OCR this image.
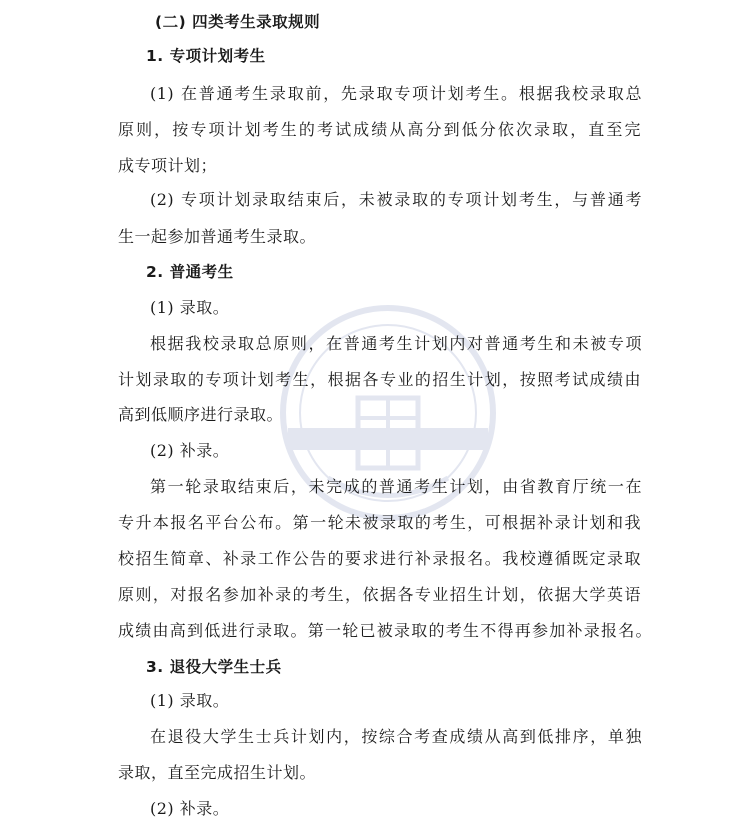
(二) 四类考生录取规则
1. 专项计划考生
(1) 在普通考生录取前，先录取专项计划考生。根据我校录取总
原则，按专项计划考生的考试成绩从高分到低分依次录取，直至完
成专项计划；
(2) 专项计划录取结束后，未被录取的专项计划考生，与普通考
生一起参加普通考生录取。
2. 普通考生
(1) 录取。
根据我校录取总原则，在普通考生计划内对普通考生和未被专项
计划录取的专项计划考生，根据各专业的招生计划，按照考试成绩由
高到低顺序进行录取。
(2) 补录。
第一轮录取结束后，未完成的普通考生计划，由省教育厅统一在
专升本报名平台公布。第一轮未被录取的考生，可根据补录计划和我
校招生简章、补录工作公告的要求进行补录报名。我校遵循既定录取
原则，对报名参加补录的考生，依据各专业招生计划，依据大学英语
成绩由高到低进行录取。第一轮已被录取的考生不得再参加补录报名。
3. 退役大学生士兵
(1) 录取。
在退役大学生士兵计划内，按综合考查成绩从高到低排序，单独
录取，直至完成招生计划。
(2) 补录。
